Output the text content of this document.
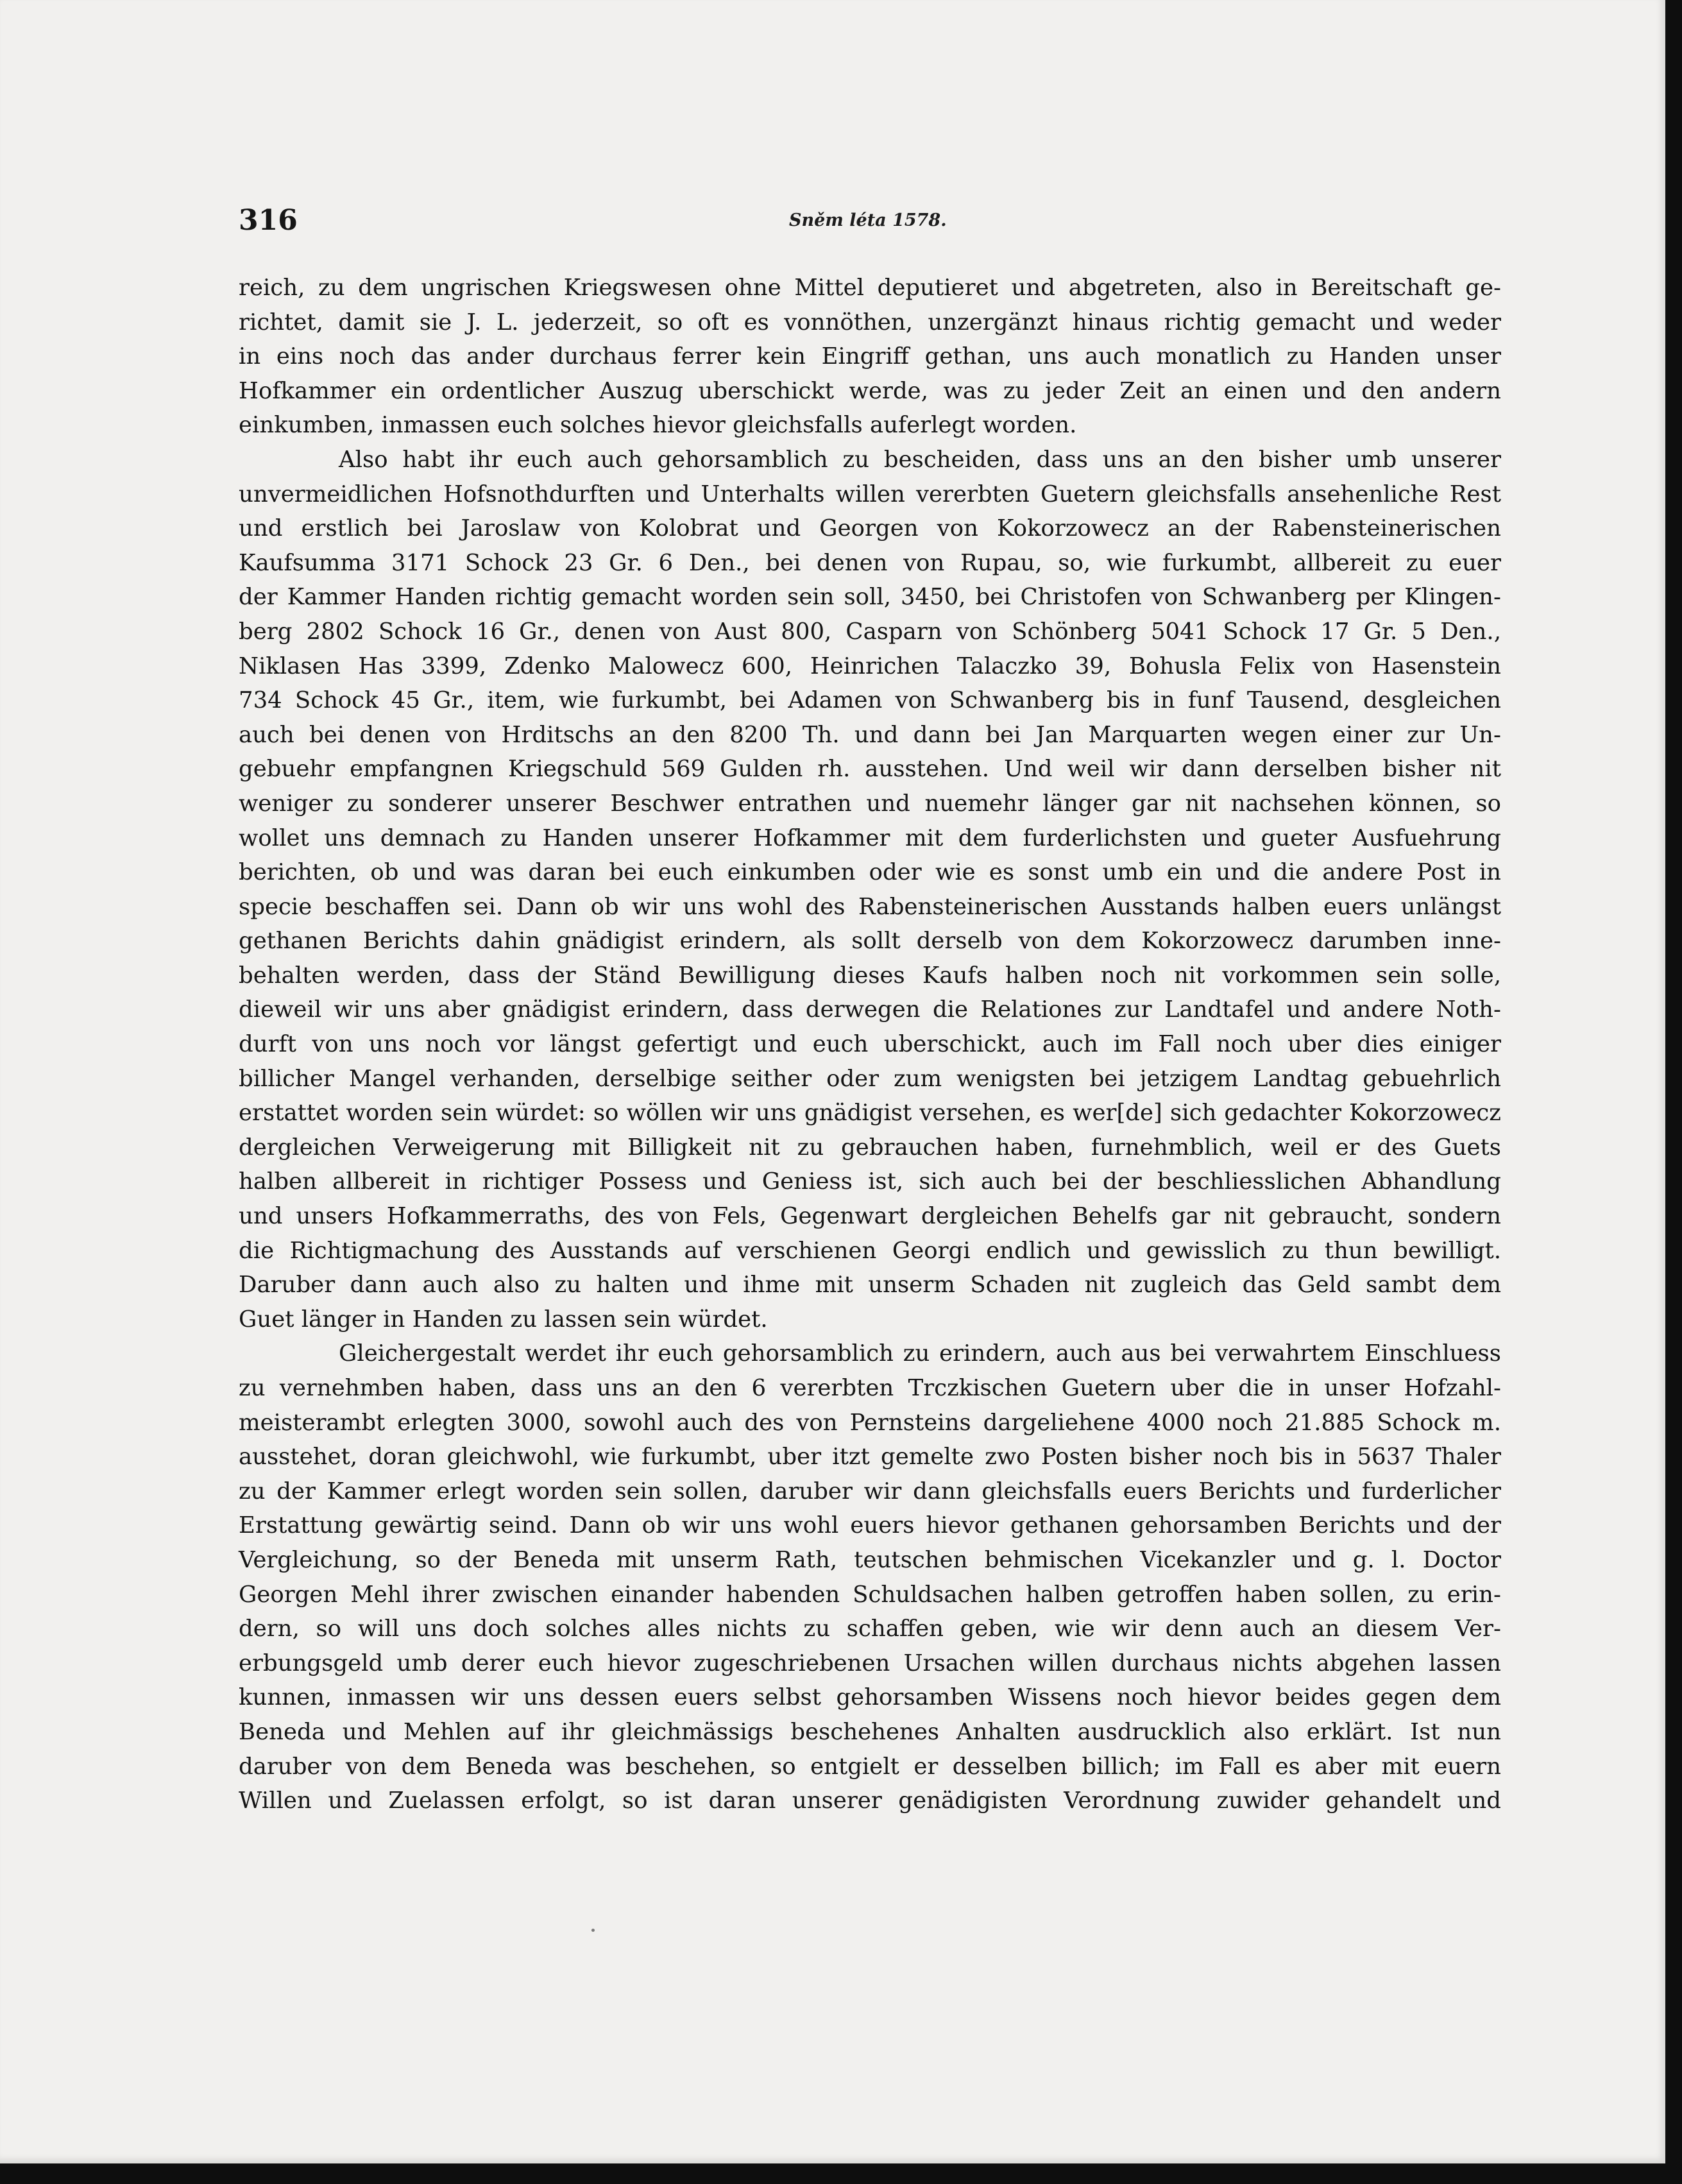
316	Sněm léta 1578.
reich, zu dem ungrischen Kriegswesen ohne Mittel deputieret und abgetreten, also in Bereitschaft ge-
richtet, damit sie J. L. jederzeit, so oft es vonnöthen, unzergänzt hinaus richtig gemacht und weder
in eins noch das ander durchaus ferrer kein Eingriff gethan, uns auch monatlich zu Handen unser
Hofkammer ein ordentlicher Auszug uberschickt werde, was zu jeder Zeit an einen und den andern
einkumben, inmassen euch solches hievor gleichsfalls auferlegt worden.
Also habt ihr euch auch gehorsamblich zu bescheiden, dass uns an den bisher umb unserer
unvermeidlichen Hofsnothdurften und Unterhalts willen vererbten Guetern gleichsfalls ansehenliche Rest
und erstlich bei Jaroslaw von Kolobrat und Georgen von Kokorzowecz an der Rabensteinerischen
Kaufsumma 3171 Schock 23 Gr. 6 Den., bei denen von Rupau, so, wie furkumbt, allbereit zu euer
der Kammer Handen richtig gemacht worden sein soll, 3450, bei Christofen von Schwanberg per Klingen-
berg 2802 Schock 16 Gr., denen von Aust 800, Casparn von Schönberg 5041 Schock 17 Gr. 5 Den.,
Niklasen Has 3399, Zdenko Malowecz 600, Heinrichen Talaczko 39, Bohusla Felix von Hasenstein
734 Schock 45 Gr., item, wie furkumbt, bei Adamen von Schwanberg bis in funf Tausend, desgleichen
auch bei denen von Hrditschs an den 8200 Th. und dann bei Jan Marquarten wegen einer zur Un-
gebuehr empfangnen Kriegschuld 569 Gulden rh. ausstehen. Und weil wir dann derselben bisher nit
weniger zu sonderer unserer Beschwer entrathen und nuemehr länger gar nit nachsehen können, so
wollet uns demnach zu Handen unserer Hofkammer mit dem furderlichsten und gueter Ausfuehrung
berichten, ob und was daran bei euch einkumben oder wie es sonst umb ein und die andere Post in
specie beschaffen sei. Dann ob wir uns wohl des Rabensteinerischen Ausstands halben euers unlängst
gethanen Berichts dahin gnädigist erindern, als sollt derselb von dem Kokorzowecz darumben inne-
behalten werden, dass der Ständ Bewilligung dieses Kaufs halben noch nit vorkommen sein solle,
dieweil wir uns aber gnädigist erindern, dass derwegen die Relationes zur Landtafel und andere Noth-
durft von uns noch vor längst gefertigt und euch uberschickt, auch im Fall noch uber dies einiger
billicher Mangel verhanden, derselbige seither oder zum wenigsten bei jetzigem Landtag gebuehrlich
erstattet worden sein würdet: so wöllen wir uns gnädigist versehen, es wer[de] sich gedachter Kokorzowecz
dergleichen Verweigerung mit Billigkeit nit zu gebrauchen haben, furnehmblich, weil er des Guets
halben allbereit in richtiger Possess und Geniess ist, sich auch bei der beschliesslichen Abhandlung
und unsers Hofkammerraths, des von Fels, Gegenwart dergleichen Behelfs gar nit gebraucht, sondern
die Richtigmachung des Ausstands auf verschienen Georgi endlich und gewisslich zu thun bewilligt.
Daruber dann auch also zu halten und ihme mit unserm Schaden nit zugleich das Geld sambt dem
Guet länger in Handen zu lassen sein würdet.
Gleichergestalt werdet ihr euch gehorsamblich zu erindern, auch aus bei verwahrtem Einschluess
zu vernehmben haben, dass uns an den 6 vererbten Trczkischen Guetern uber die in unser Hofzahl-
meisterambt erlegten 3000, sowohl auch des von Pernsteins dargeliehene 4000 noch 21.885 Schock m.
ausstehet, doran gleichwohl, wie furkumbt, uber itzt gemelte zwo Posten bisher noch bis in 5637 Thaler
zu der Kammer erlegt worden sein sollen, daruber wir dann gleichsfalls euers Berichts und furderlicher
Erstattung gewärtig seind. Dann ob wir uns wohl euers hievor gethanen gehorsamben Berichts und der
Vergleichung, so der Beneda mit unserm Rath, teutschen behmischen Vicekanzler und g. l. Doctor
Georgen Mehl ihrer zwischen einander habenden Schuldsachen halben getroffen haben sollen, zu erin-
dern, so will uns doch solches alles nichts zu schaffen geben, wie wir denn auch an diesem Ver-
erbungsgeld umb derer euch hievor zugeschriebenen Ursachen willen durchaus nichts abgehen lassen
kunnen, inmassen wir uns dessen euers selbst gehorsamben Wissens noch hievor beides gegen dem
Beneda und Mehlen auf ihr gleichmässigs beschehenes Anhalten ausdrucklich also erklärt. Ist nun
daruber von dem Beneda was beschehen, so entgielt er desselben billich; im Fall es aber mit euern
Willen und Zuelassen erfolgt, so ist daran unserer genädigisten Verordnung zuwider gehandelt und
